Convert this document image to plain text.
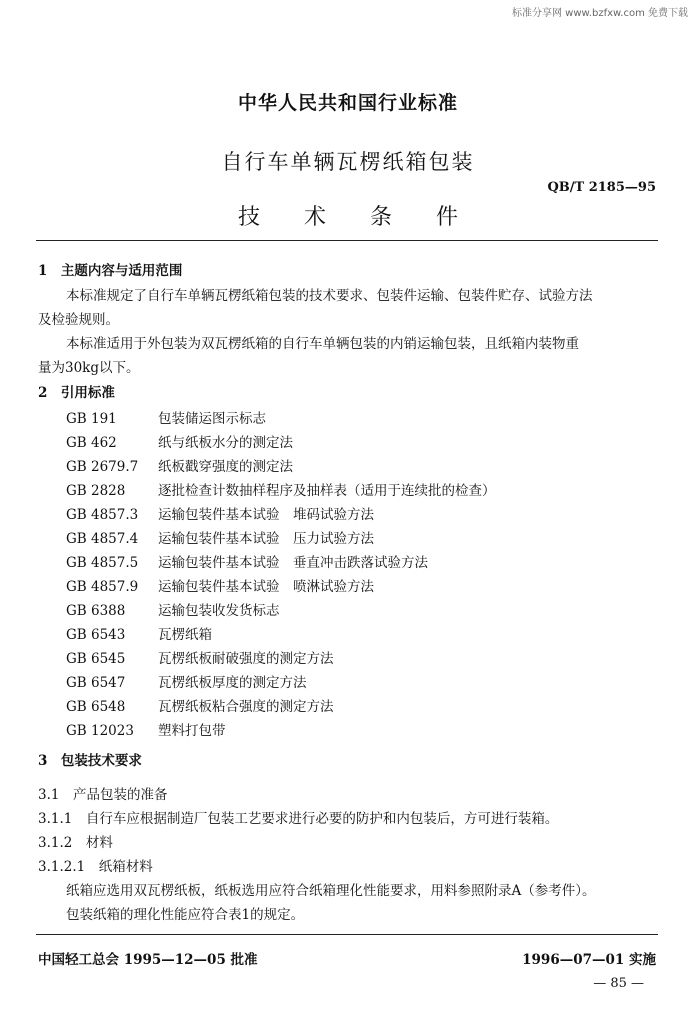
标准分享网 www.bzfxw.com 免费下载
中华人民共和国行业标准
自行车单辆瓦楞纸箱包装
QB/T 2185—95
技 术 条 件
1　主题内容与适用范围
本标准规定了自行车单辆瓦楞纸箱包装的技术要求、包装件运输、包装件贮存、试验方法
及检验规则。
本标准适用于外包装为双瓦楞纸箱的自行车单辆包装的内销运输包装，且纸箱内装物重
量为30kg以下。
2　引用标准
GB 191	包装储运图示标志
GB 462	纸与纸板水分的测定法
GB 2679.7 纸板戳穿强度的测定法
GB 2828 逐批检查计数抽样程序及抽样表（适用于连续批的检查）
GB 4857.3 运输包装件基本试验　堆码试验方法
GB 4857.4 运输包装件基本试验　压力试验方法
GB 4857.5 运输包装件基本试验　垂直冲击跌落试验方法
GB 4857.9 运输包装件基本试验　喷淋试验方法
GB 6388 运输包装收发货标志
GB 6543 瓦楞纸箱
GB 6545 瓦楞纸板耐破强度的测定方法
GB 6547 瓦楞纸板厚度的测定方法
GB 6548 瓦楞纸板粘合强度的测定方法
GB 12023 塑料打包带
3　包装技术要求
3.1　产品包装的准备
3.1.1　自行车应根据制造厂包装工艺要求进行必要的防护和内包装后，方可进行装箱。
3.1.2　材料
3.1.2.1　纸箱材料
纸箱应选用双瓦楞纸板，纸板选用应符合纸箱理化性能要求，用料参照附录A（参考件）。
包装纸箱的理化性能应符合表1的规定。
中国轻工总会 1995—12—05 批准	1996—07—01 实施
— 85 —
